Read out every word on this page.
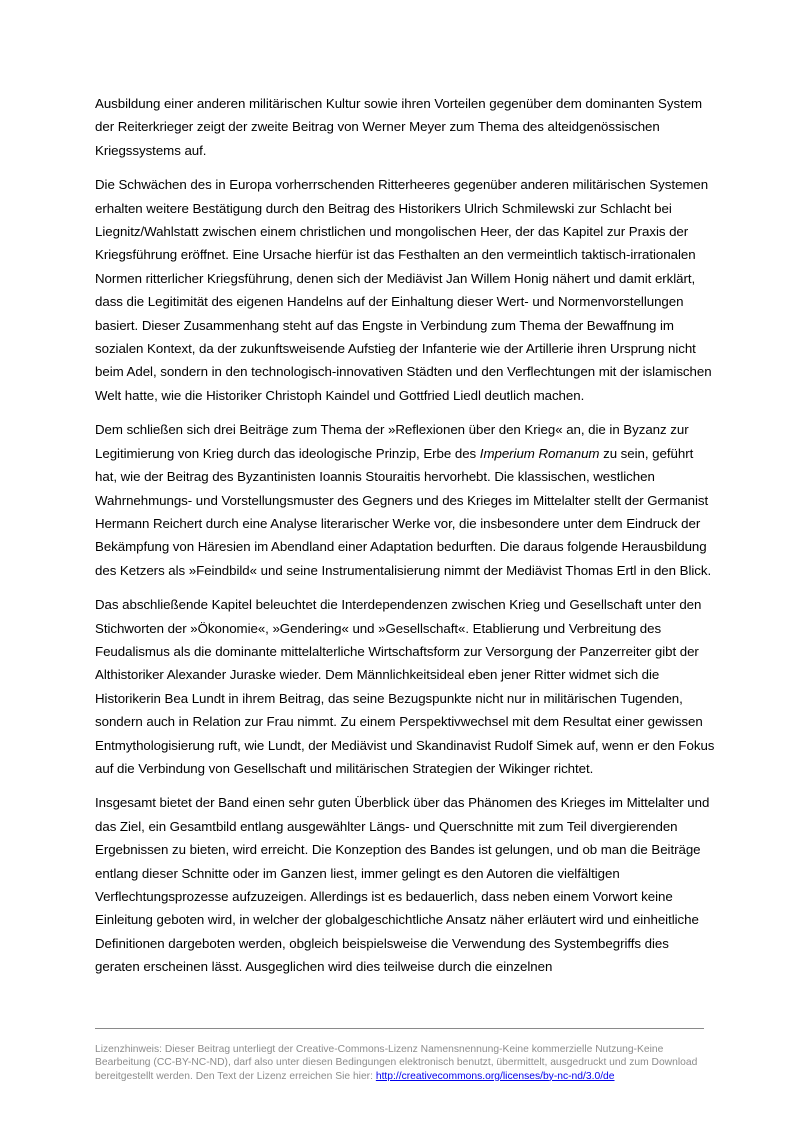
Ausbildung einer anderen militärischen Kultur sowie ihren Vorteilen gegenüber dem dominanten System der Reiterkrieger zeigt der zweite Beitrag von Werner Meyer zum Thema des alteidgenössischen Kriegssystems auf.

Die Schwächen des in Europa vorherrschenden Ritterheeres gegenüber anderen militärischen Systemen erhalten weitere Bestätigung durch den Beitrag des Historikers Ulrich Schmilewski zur Schlacht bei Liegnitz/Wahlstatt zwischen einem christlichen und mongolischen Heer, der das Kapitel zur Praxis der Kriegsführung eröffnet. Eine Ursache hierfür ist das Festhalten an den vermeintlich taktisch-irrationalen Normen ritterlicher Kriegsführung, denen sich der Mediävist Jan Willem Honig nähert und damit erklärt, dass die Legitimität des eigenen Handelns auf der Einhaltung dieser Wert- und Normenvorstellungen basiert. Dieser Zusammenhang steht auf das Engste in Verbindung zum Thema der Bewaffnung im sozialen Kontext, da der zukunftsweisende Aufstieg der Infanterie wie der Artillerie ihren Ursprung nicht beim Adel, sondern in den technologisch-innovativen Städten und den Verflechtungen mit der islamischen Welt hatte, wie die Historiker Christoph Kaindel und Gottfried Liedl deutlich machen.

Dem schließen sich drei Beiträge zum Thema der »Reflexionen über den Krieg« an, die in Byzanz zur Legitimierung von Krieg durch das ideologische Prinzip, Erbe des Imperium Romanum zu sein, geführt hat, wie der Beitrag des Byzantinisten Ioannis Stouraitis hervorhebt. Die klassischen, westlichen Wahrnehmungs- und Vorstellungsmuster des Gegners und des Krieges im Mittelalter stellt der Germanist Hermann Reichert durch eine Analyse literarischer Werke vor, die insbesondere unter dem Eindruck der Bekämpfung von Häresien im Abendland einer Adaptation bedurften. Die daraus folgende Herausbildung des Ketzers als »Feindbild« und seine Instrumentalisierung nimmt der Mediävist Thomas Ertl in den Blick.

Das abschließende Kapitel beleuchtet die Interdependenzen zwischen Krieg und Gesellschaft unter den Stichworten der »Ökonomie«, »Gendering« und »Gesellschaft«. Etablierung und Verbreitung des Feudalismus als die dominante mittelalterliche Wirtschaftsform zur Versorgung der Panzerreiter gibt der Althistoriker Alexander Juraske wieder. Dem Männlichkeitsideal eben jener Ritter widmet sich die Historikerin Bea Lundt in ihrem Beitrag, das seine Bezugspunkte nicht nur in militärischen Tugenden, sondern auch in Relation zur Frau nimmt. Zu einem Perspektivwechsel mit dem Resultat einer gewissen Entmythologisierung ruft, wie Lundt, der Mediävist und Skandinavist Rudolf Simek auf, wenn er den Fokus auf die Verbindung von Gesellschaft und militärischen Strategien der Wikinger richtet.

Insgesamt bietet der Band einen sehr guten Überblick über das Phänomen des Krieges im Mittelalter und das Ziel, ein Gesamtbild entlang ausgewählter Längs- und Querschnitte mit zum Teil divergierenden Ergebnissen zu bieten, wird erreicht. Die Konzeption des Bandes ist gelungen, und ob man die Beiträge entlang dieser Schnitte oder im Ganzen liest, immer gelingt es den Autoren die vielfältigen Verflechtungsprozesse aufzuzeigen. Allerdings ist es bedauerlich, dass neben einem Vorwort keine Einleitung geboten wird, in welcher der globalgeschichtliche Ansatz näher erläutert wird und einheitliche Definitionen dargeboten werden, obgleich beispielsweise die Verwendung des Systembegriffs dies geraten erscheinen lässt. Ausgeglichen wird dies teilweise durch die einzelnen

Lizenzhinweis: Dieser Beitrag unterliegt der Creative-Commons-Lizenz Namensnennung-Keine kommerzielle Nutzung-Keine Bearbeitung (CC-BY-NC-ND), darf also unter diesen Bedingungen elektronisch benutzt, übermittelt, ausgedruckt und zum Download bereitgestellt werden. Den Text der Lizenz erreichen Sie hier: http://creativecommons.org/licenses/by-nc-nd/3.0/de
